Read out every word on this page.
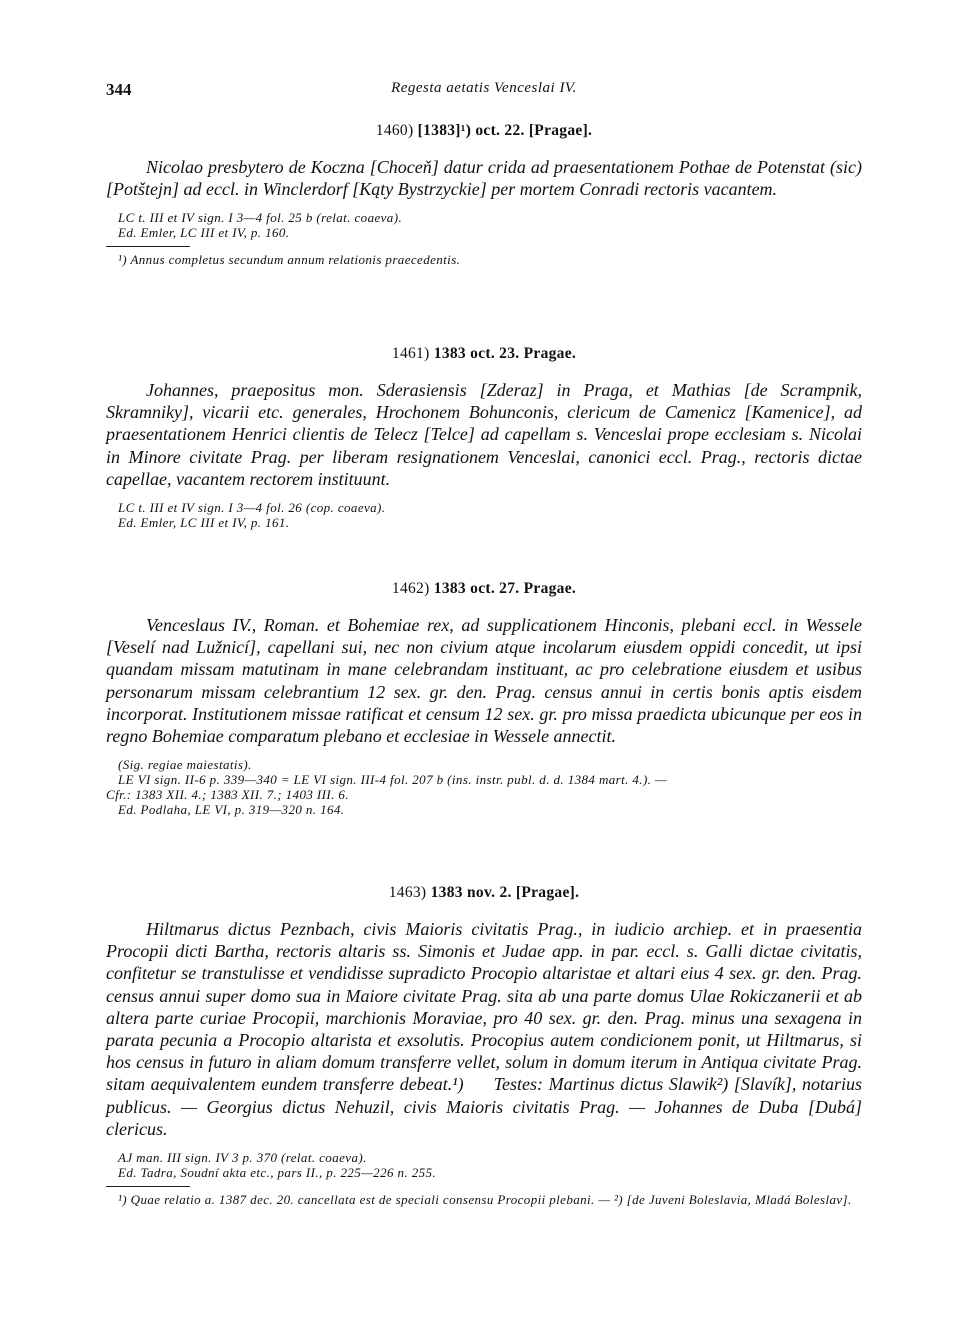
344	Regesta aetatis Venceslai IV.
1460) [1383]¹) oct. 22. [Pragae].

Nicolao presbytero de Koczna [Choceň] datur crida ad praesentationem Pothae de Potenstat (sic) [Potštejn] ad eccl. in Winclerdorf [Kąty Bystrzyckie] per mortem Conradi rectoris vacantem.

LC t. III et IV sign. I 3—4 fol. 25 b (relat. coaeva).
Ed. Emler, LC III et IV, p. 160.
¹) Annus completus secundum annum relationis praecedentis.
1461) 1383 oct. 23. Pragae.

Johannes, praepositus mon. Sderasiensis [Zderaz] in Praga, et Mathias [de Scrampnik, Skramniky], vicarii etc. generales, Hrochonem Bohunconis, clericum de Camenicz [Kamenice], ad praesentationem Henrici clientis de Telecz [Telce] ad capellam s. Venceslai prope ecclesiam s. Nicolai in Minore civitate Prag. per liberam resignationem Venceslai, canonici eccl. Prag., rectoris dictae capellae, vacantem rectorem instituunt.

LC t. III et IV sign. I 3—4 fol. 26 (cop. coaeva).
Ed. Emler, LC III et IV, p. 161.
1462) 1383 oct. 27. Pragae.

Venceslaus IV., Roman. et Bohemiae rex, ad supplicationem Hinconis, plebani eccl. in Wessele [Veselí nad Lužnicí], capellani sui, nec non civium atque incolarum eiusdem oppidi concedit, ut ipsi quandam missam matutinam in mane celebrandam instituant, ac pro celebratione eiusdem et usibus personarum missam celebrantium 12 sex. gr. den. Prag. census annui in certis bonis aptis eisdem incorporat. Institutionem missae ratificat et censum 12 sex. gr. pro missa praedicta ubicunque per eos in regno Bohemiae comparatum plebano et ecclesiae in Wessele annectit.

(Sig. regiae maiestatis).
LE VI sign. II-6 p. 339—340 = LE VI sign. III-4 fol. 207 b (ins. instr. publ. d. d. 1384 mart. 4.). —
Cfr.: 1383 XII. 4.; 1383 XII. 7.; 1403 III. 6.
Ed. Podlaha, LE VI, p. 319—320 n. 164.
1463) 1383 nov. 2. [Pragae].

Hiltmarus dictus Peznbach, civis Maioris civitatis Prag., in iudicio archiep. et in praesentia Procopii dicti Bartha, rectoris altaris ss. Simonis et Judae app. in par. eccl. s. Galli dictae civitatis, confitetur se transtulisse et vendidisse supradicto Procopio altaristae et altari eius 4 sex. gr. den. Prag. census annui super domo sua in Maiore civitate Prag. sita ab una parte domus Ulae Rokiczanerii et ab altera parte curiae Procopii, marchionis Moraviae, pro 40 sex. gr. den. Prag. minus una sexagena in parata pecunia a Procopio altarista et exsolutis. Procopius autem condicionem ponit, ut Hiltmarus, si hos census in futuro in aliam domum transferre vellet, solum in domum iterum in Antiqua civitate Prag. sitam aequivalentem eundem transferre debeat.¹) Testes: Martinus dictus Slawik²) [Slavík], notarius publicus. — Georgius dictus Nehuzil, civis Maioris civitatis Prag. — Johannes de Duba [Dubá] clericus.

AJ man. III sign. IV 3 p. 370 (relat. coaeva).
Ed. Tadra, Soudní akta etc., pars II., p. 225—226 n. 255.
¹) Quae relatio a. 1387 dec. 20. cancellata est de speciali consensu Procopii plebani. — ²) [de Juveni Boleslavia, Mladá Boleslav].
